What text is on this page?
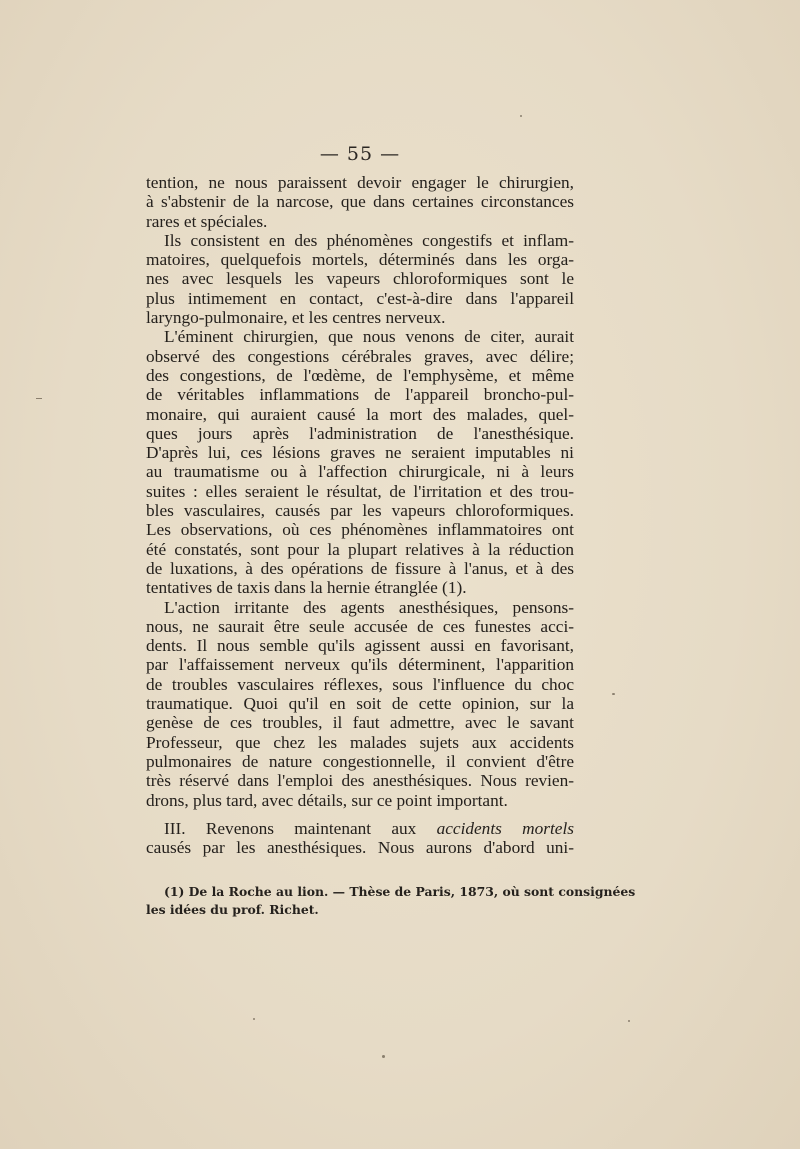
— 55 —
tention, ne nous paraissent devoir engager le chirurgien,
à s'abstenir de la narcose, que dans certaines circonstances
rares et spéciales.
Ils consistent en des phénomènes congestifs et inflam-
matoires, quelquefois mortels, déterminés dans les orga-
nes avec lesquels les vapeurs chloroformiques sont le
plus intimement en contact, c'est-à-dire dans l'appareil
laryngo-pulmonaire, et les centres nerveux.
L'éminent chirurgien, que nous venons de citer, aurait
observé des congestions cérébrales graves, avec délire;
des congestions, de l'œdème, de l'emphysème, et même
de véritables inflammations de l'appareil broncho-pul-
monaire, qui auraient causé la mort des malades, quel-
ques jours après l'administration de l'anesthésique.
D'après lui, ces lésions graves ne seraient imputables ni
au traumatisme ou à l'affection chirurgicale, ni à leurs
suites : elles seraient le résultat, de l'irritation et des trou-
bles vasculaires, causés par les vapeurs chloroformiques.
Les observations, où ces phénomènes inflammatoires ont
été constatés, sont pour la plupart relatives à la réduction
de luxations, à des opérations de fissure à l'anus, et à des
tentatives de taxis dans la hernie étranglée (1).
L'action irritante des agents anesthésiques, pensons-
nous, ne saurait être seule accusée de ces funestes acci-
dents. Il nous semble qu'ils agissent aussi en favorisant,
par l'affaissement nerveux qu'ils déterminent, l'apparition
de troubles vasculaires réflexes, sous l'influence du choc
traumatique. Quoi qu'il en soit de cette opinion, sur la
genèse de ces troubles, il faut admettre, avec le savant
Professeur, que chez les malades sujets aux accidents
pulmonaires de nature congestionnelle, il convient d'être
très réservé dans l'emploi des anesthésiques. Nous revien-
drons, plus tard, avec détails, sur ce point important.
III. Revenons maintenant aux accidents mortels
causés par les anesthésiques. Nous aurons d'abord uni-
(1) De la Roche au lion. — Thèse de Paris, 1873, où sont consignées
les idées du prof. Richet.
